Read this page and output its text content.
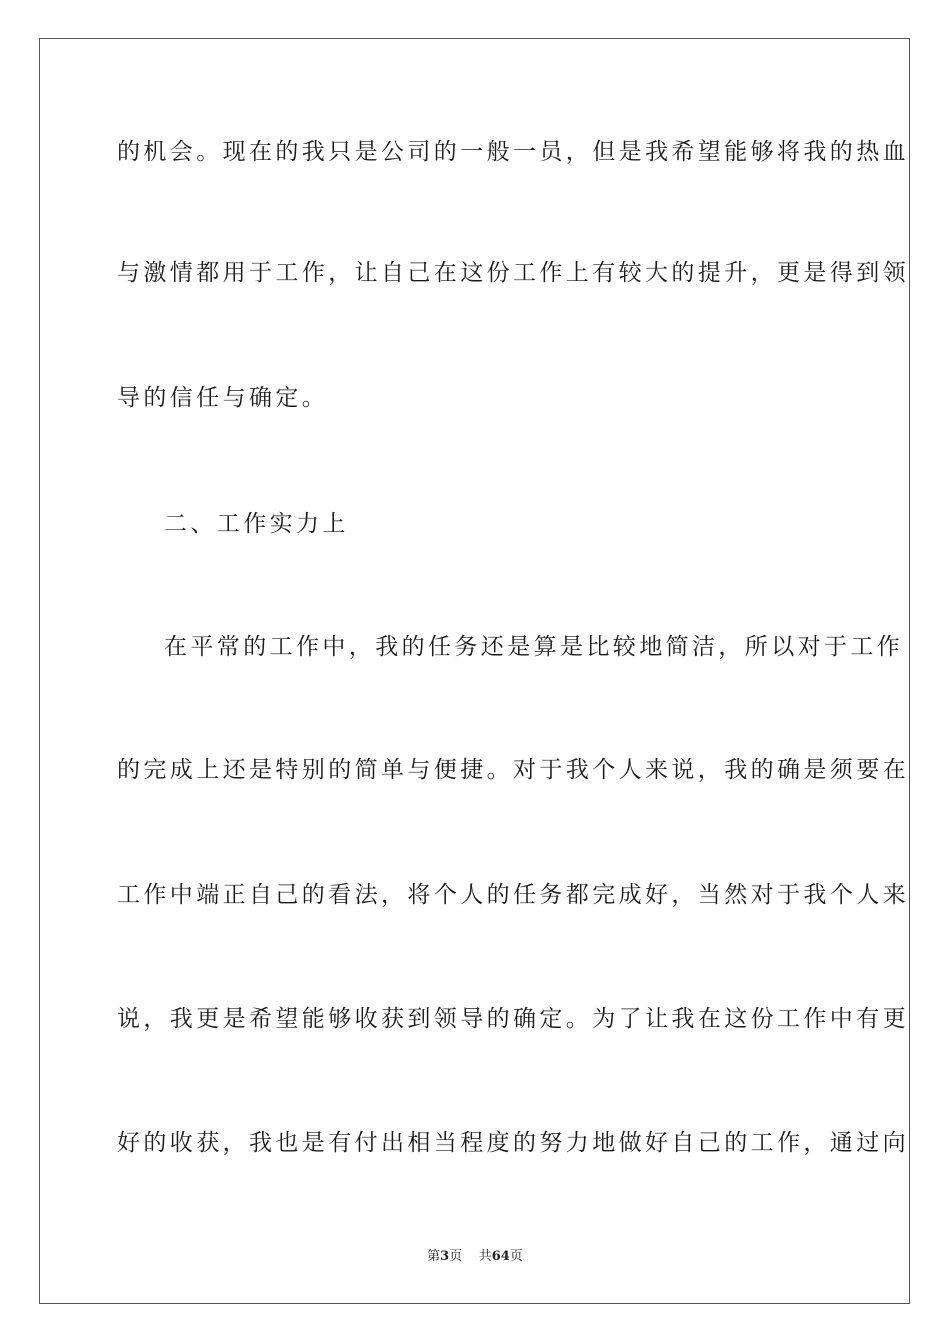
的机会。现在的我只是公司的一般一员，但是我希望能够将我的热血
与激情都用于工作，让自己在这份工作上有较大的提升，更是得到领
导的信任与确定。
二、工作实力上
在平常的工作中，我的任务还是算是比较地简洁，所以对于工作
的完成上还是特别的简单与便捷。对于我个人来说，我的确是须要在
工作中端正自己的看法，将个人的任务都完成好，当然对于我个人来
说，我更是希望能够收获到领导的确定。为了让我在这份工作中有更
好的收获，我也是有付出相当程度的努力地做好自己的工作，通过向
第3页 共64页
